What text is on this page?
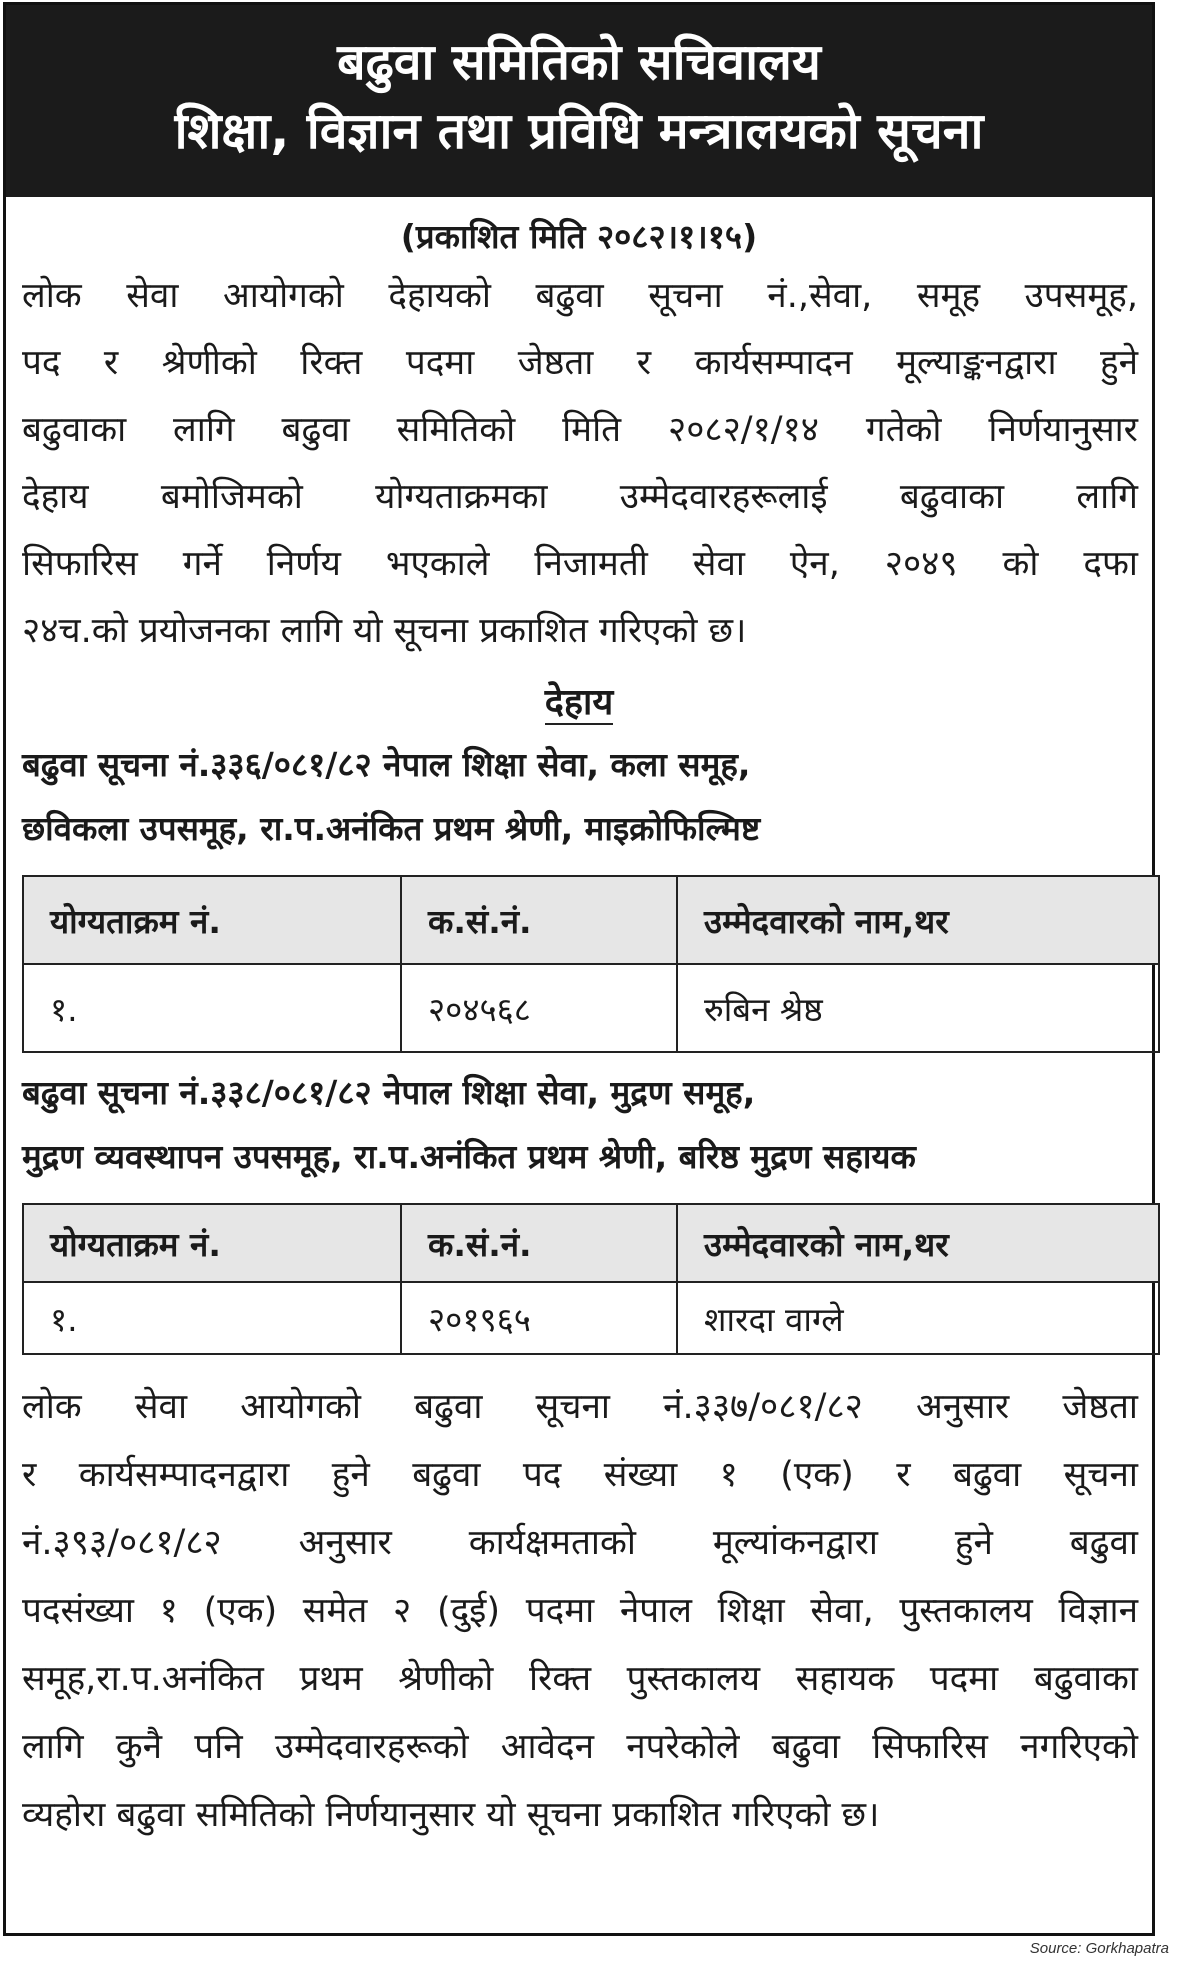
बढुवा समितिको सचिवालय
शिक्षा, विज्ञान तथा प्रविधि मन्त्रालयको सूचना
(प्रकाशित मिति २०८२।१।१५)
लोक सेवा आयोगको देहायको बढुवा सूचना नं.,सेवा, समूह उपसमूह,
पद र श्रेणीको रिक्त पदमा जेष्ठता र कार्यसम्पादन मूल्याङ्कनद्वारा हुने
बढुवाका लागि बढुवा समितिको मिति २०८२/१/१४ गतेको निर्णयानुसार
देहाय बमोजिमको योग्यताक्रमका उम्मेदवारहरूलाई बढुवाका लागि
सिफारिस गर्ने निर्णय भएकाले निजामती सेवा ऐन, २०४९ को दफा
२४च.को प्रयोजनका लागि यो सूचना प्रकाशित गरिएको छ।
देहाय
बढुवा सूचना नं.३३६/०८१/८२ नेपाल शिक्षा सेवा, कला समूह,
छविकला उपसमूह, रा.प.अनंकित प्रथम श्रेणी, माइक्रोफिल्मिष्ट
योग्यताक्रम नं.	क.सं.नं.	उम्मेदवारको नाम,थर
१.	२०४५६८	रुबिन श्रेष्ठ
बढुवा सूचना नं.३३८/०८१/८२ नेपाल शिक्षा सेवा, मुद्रण समूह,
मुद्रण व्यवस्थापन उपसमूह, रा.प.अनंकित प्रथम श्रेणी, बरिष्ठ मुद्रण सहायक
योग्यताक्रम नं.	क.सं.नं.	उम्मेदवारको नाम,थर
१.	२०१९६५	शारदा वाग्ले
लोक सेवा आयोगको बढुवा सूचना नं.३३७/०८१/८२ अनुसार जेष्ठता
र कार्यसम्पादनद्वारा हुने बढुवा पद संख्या १ (एक) र बढुवा सूचना
नं.३९३/०८१/८२ अनुसार कार्यक्षमताको मूल्यांकनद्वारा हुने बढुवा
पदसंख्या १ (एक) समेत २ (दुई) पदमा नेपाल शिक्षा सेवा, पुस्तकालय विज्ञान
समूह,रा.प.अनंकित प्रथम श्रेणीको रिक्त पुस्तकालय सहायक पदमा बढुवाका
लागि कुनै पनि उम्मेदवारहरूको आवेदन नपरेकोले बढुवा सिफारिस नगरिएको
व्यहोरा बढुवा समितिको निर्णयानुसार यो सूचना प्रकाशित गरिएको छ।
Source: Gorkhapatra
